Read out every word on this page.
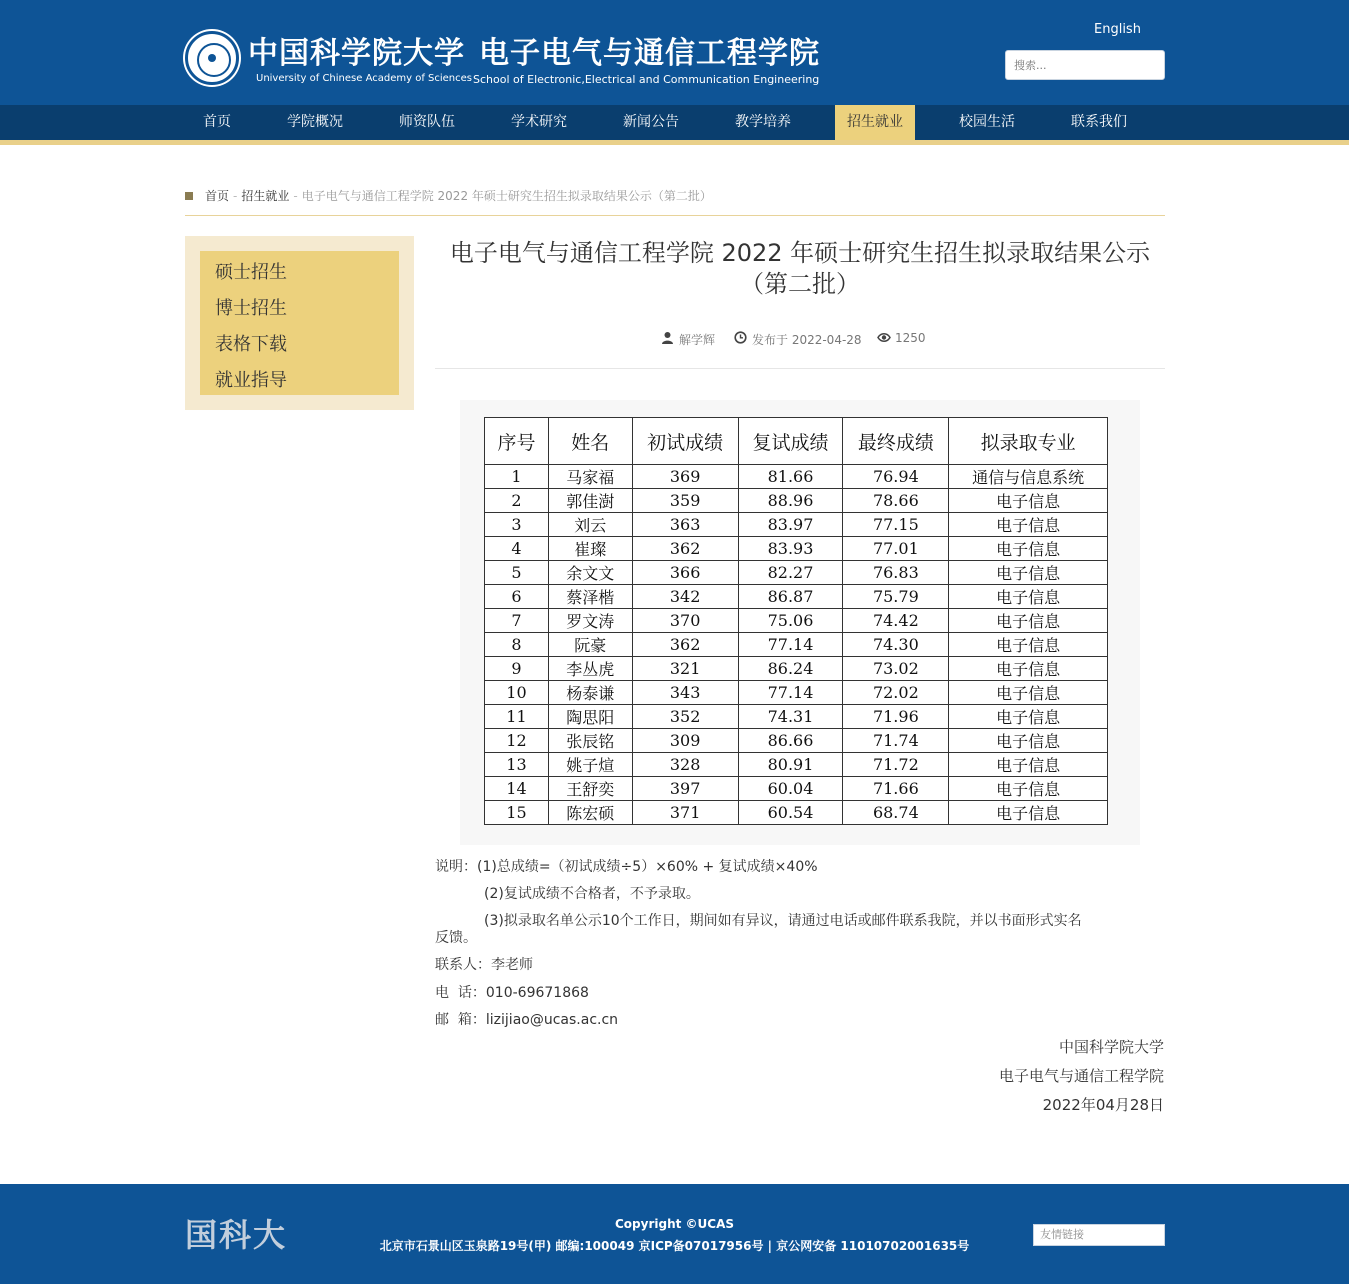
中国科学院大学 电子电气与通信工程学院
University of Chinese Academy of Sciences School of Electronic,Electrical and Communication Engineering
English
搜索...
首页	学院概况	师资队伍	学术研究	新闻公告	教学培养	招生就业	校园生活	联系我们
首页 - 招生就业 - 电子电气与通信工程学院 2022 年硕士研究生招生拟录取结果公示（第二批）
硕士招生
博士招生
表格下载
就业指导
电子电气与通信工程学院 2022 年硕士研究生招生拟录取结果公示
（第二批）
解学辉	发布于 2022-04-28	1250
序号	姓名	初试成绩	复试成绩	最终成绩	拟录取专业
1	马家福	369	81.66	76.94	通信与信息系统
2	郭佳澍	359	88.96	78.66	电子信息
3	刘云	363	83.97	77.15	电子信息
4	崔璨	362	83.93	77.01	电子信息
5	余文文	366	82.27	76.83	电子信息
6	蔡泽楷	342	86.87	75.79	电子信息
7	罗文涛	370	75.06	74.42	电子信息
8	阮豪	362	77.14	74.30	电子信息
9	李丛虎	321	86.24	73.02	电子信息
10	杨泰谦	343	77.14	72.02	电子信息
11	陶思阳	352	74.31	71.96	电子信息
12	张辰铭	309	86.66	71.74	电子信息
13	姚子煊	328	80.91	71.72	电子信息
14	王舒奕	397	60.04	71.66	电子信息
15	陈宏硕	371	60.54	68.74	电子信息
说明：(1)总成绩=（初试成绩÷5）×60% + 复试成绩×40%
(2)复试成绩不合格者，不予录取。
(3)拟录取名单公示10个工作日，期间如有异议，请通过电话或邮件联系我院，并以书面形式实名
反馈。
联系人：李老师
电  话：010-69671868
邮  箱：lizijiao@ucas.ac.cn
中国科学院大学
电子电气与通信工程学院
2022年04月28日
国科大	Copyright ©UCAS
北京市石景山区玉泉路19号(甲) 邮编:100049 京ICP备07017956号 | 京公网安备 11010702001635号
友情链接
